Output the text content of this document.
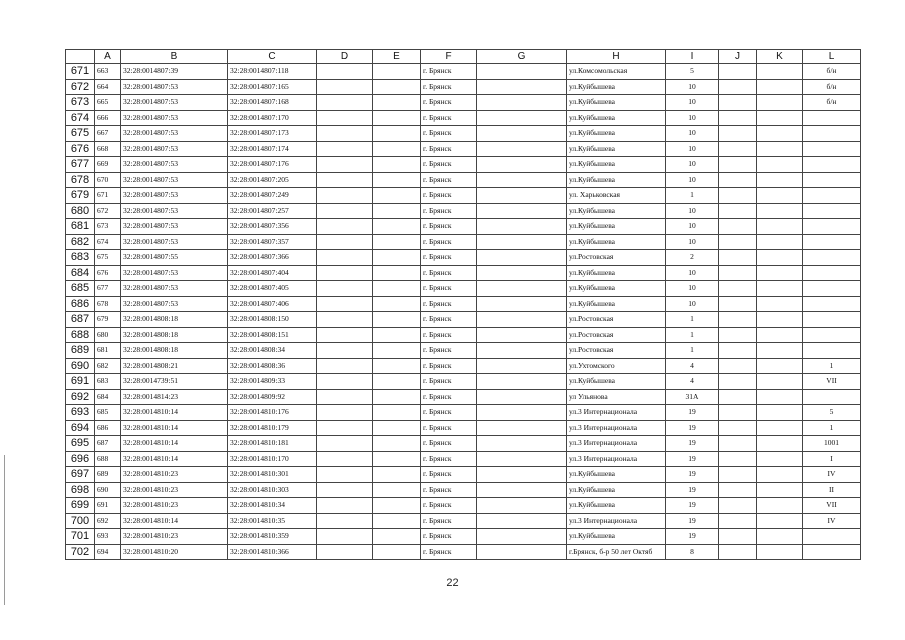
	A	B	C	D	E	F	G	H	I	J	K	L
671	663	32:28:0014807:39	32:28:0014807:118			г. Брянск		ул.Комсомольская	5			б/н
672	664	32:28:0014807:53	32:28:0014807:165			г. Брянск		ул.Куйбышева	10			б/н
673	665	32:28:0014807:53	32:28:0014807:168			г. Брянск		ул.Куйбышева	10			б/н
674	666	32:28:0014807:53	32:28:0014807:170			г. Брянск		ул.Куйбышева	10			
675	667	32:28:0014807:53	32:28:0014807:173			г. Брянск		ул.Куйбышева	10			
676	668	32:28:0014807:53	32:28:0014807:174			г. Брянск		ул.Куйбышева	10			
677	669	32:28:0014807:53	32:28:0014807:176			г. Брянск		ул.Куйбышева	10			
678	670	32:28:0014807:53	32:28:0014807:205			г. Брянск		ул.Куйбышева	10			
679	671	32:28:0014807:53	32:28:0014807:249			г. Брянск		ул. Харьковская	1			
680	672	32:28:0014807:53	32:28:0014807:257			г. Брянск		ул.Куйбышева	10			
681	673	32:28:0014807:53	32:28:0014807:356			г. Брянск		ул.Куйбышева	10			
682	674	32:28:0014807:53	32:28:0014807:357			г. Брянск		ул.Куйбышева	10			
683	675	32:28:0014807:55	32:28:0014807:366			г. Брянск		ул.Ростовская	2			
684	676	32:28:0014807:53	32:28:0014807:404			г. Брянск		ул.Куйбышева	10			
685	677	32:28:0014807:53	32:28:0014807:405			г. Брянск		ул.Куйбышева	10			
686	678	32:28:0014807:53	32:28:0014807:406			г. Брянск		ул.Куйбышева	10			
687	679	32:28:0014808:18	32:28:0014808:150			г. Брянск		ул.Ростовская	1			
688	680	32:28:0014808:18	32:28:0014808:151			г. Брянск		ул.Ростовская	1			
689	681	32:28:0014808:18	32:28:0014808:34			г. Брянск		ул.Ростовская	1			
690	682	32:28:0014808:21	32:28:0014808:36			г. Брянск		ул.Ухтомского	4			1
691	683	32:28:0014739:51	32:28:0014809:33			г. Брянск		ул.Куйбышева	4			VII
692	684	32:28:0014814:23	32:28:0014809:92			г. Брянск		ул Ульянова	31А			
693	685	32:28:0014810:14	32:28:0014810:176			г. Брянск		ул.3 Интернационала	19			5
694	686	32:28:0014810:14	32:28:0014810:179			г. Брянск		ул.3 Интернационала	19			1
695	687	32:28:0014810:14	32:28:0014810:181			г. Брянск		ул.3 Интернационала	19			1001
696	688	32:28:0014810:14	32:28:0014810:170			г. Брянск		ул.3 Интернационала	19			I
697	689	32:28:0014810:23	32:28:0014810:301			г. Брянск		ул.Куйбышева	19			IV
698	690	32:28:0014810:23	32:28:0014810:303			г. Брянск		ул.Куйбышева	19			II
699	691	32:28:0014810:23	32:28:0014810:34			г. Брянск		ул.Куйбышева	19			VII
700	692	32:28:0014810:14	32:28:0014810:35			г. Брянск		ул.3 Интернационала	19			IV
701	693	32:28:0014810:23	32:28:0014810:359			г. Брянск		ул.Куйбышева	19			
702	694	32:28:0014810:20	32:28:0014810:366			г. Брянск		г.Брянск, б-р 50 лет Октяб	8			
22
